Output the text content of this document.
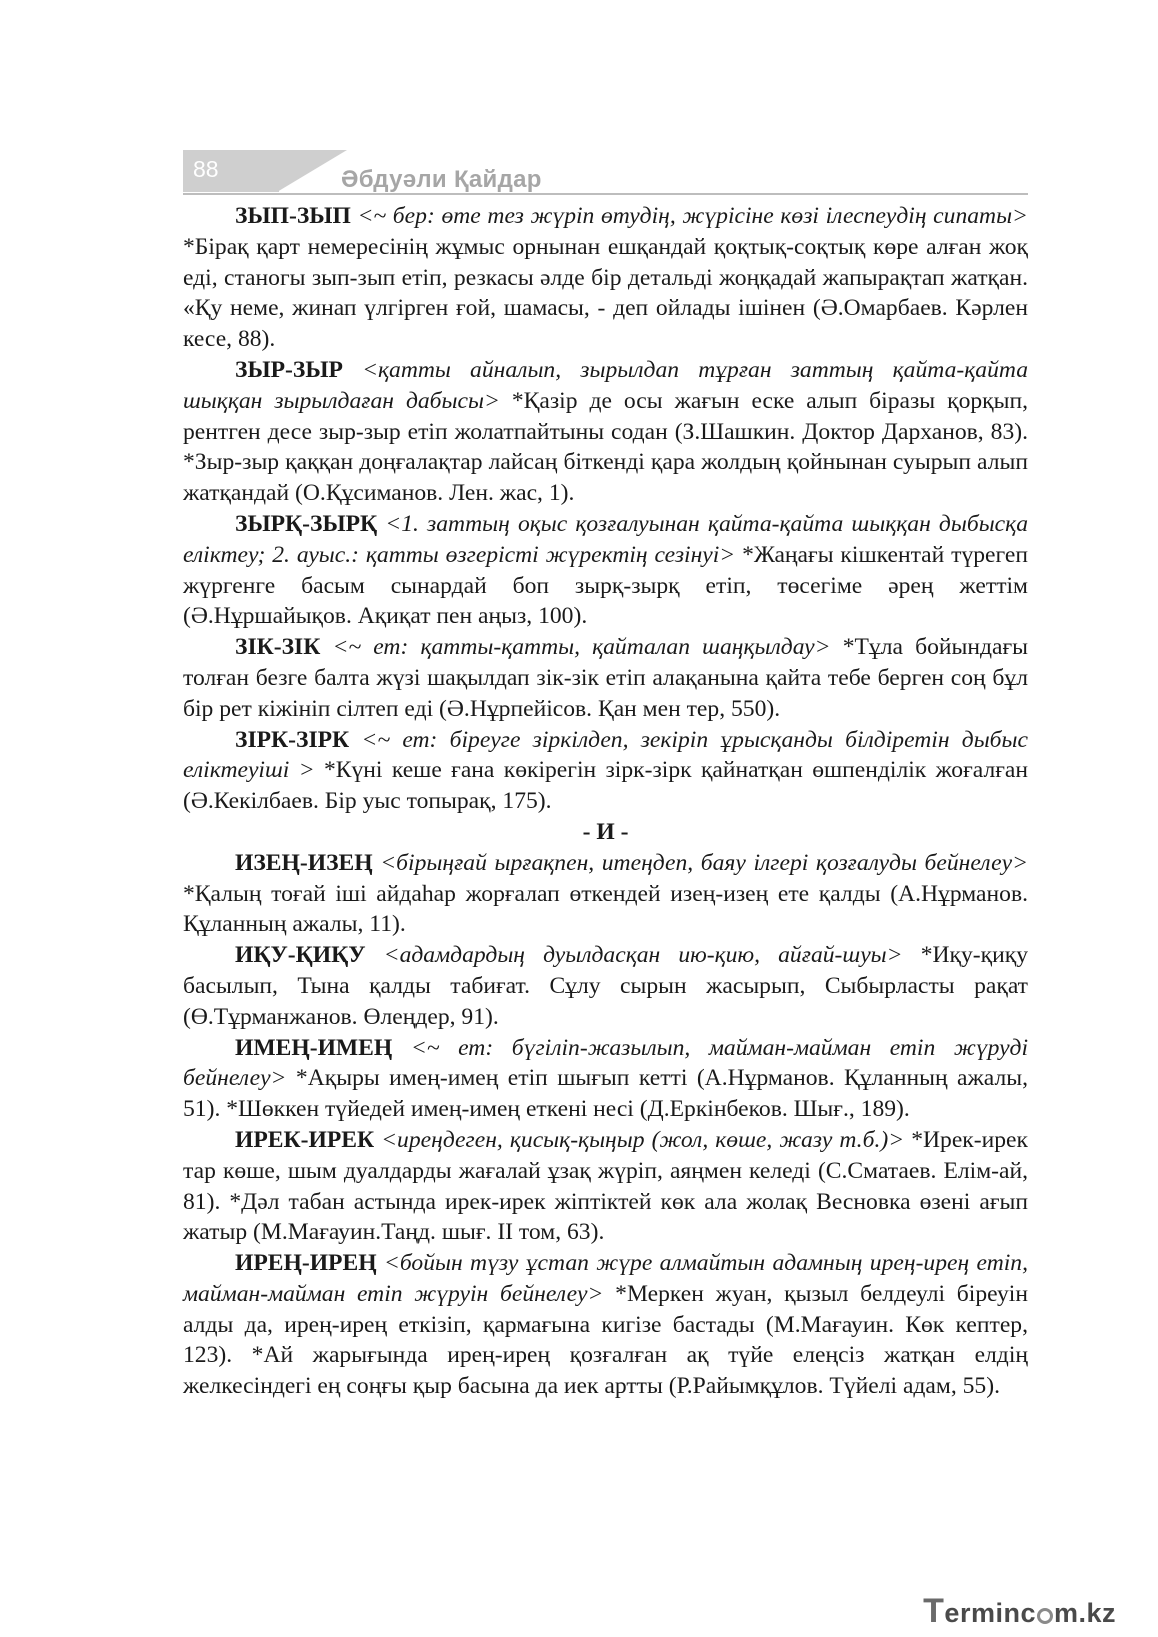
88	Әбдуәли Қайдар

ЗЫП-ЗЫП <~ бер: өте тез жүріп өтудің, жүрісіне көзі ілеспеудің сипаты> *Бірақ қарт немересінің жұмыс орнынан ешқандай қоқтық-соқтық көре алған жоқ еді, станогы зып-зып етіп, резкасы әлде бір детальді жоңқадай жапырақтап жатқан. «Қу неме, жинап үлгірген ғой, шамасы, - деп ойлады ішінен (Ә.Омарбаев. Кәрлен кесе, 88).

ЗЫР-ЗЫР <қатты айналып, зырылдап тұрған заттың қайта-қайта шыққан зырылдаған дабысы> *Қазір де осы жағын еске алып біразы қорқып, рентген десе зыр-зыр етіп жолатпайтыны содан (З.Шашкин. Доктор Дарханов, 83). *Зыр-зыр қаққан доңғалақтар лайсаң біткенді қара жолдың қойнынан суырып алып жатқандай (О.Құсиманов. Лен. жас, 1).

ЗЫРҚ-ЗЫРҚ <1. заттың оқыс қозғалуынан қайта-қайта шыққан дыбысқа еліктеу; 2. ауыс.: қатты өзгерісті жүректің сезінуі> *Жаңағы кішкентай түрегеп жүргенге басым сынардай боп зырқ-зырқ етіп, төсегіме әрең жеттім (Ә.Нұршайықов. Ақиқат пен аңыз, 100).

ЗІК-ЗІК <~ ет: қатты-қатты, қайталап шаңқылдау> *Тұла бойындағы толған безге балта жүзі шақылдап зік-зік етіп алақанына қайта тебе берген соң бұл бір рет кіжініп сілтеп еді (Ә.Нұрпейісов. Қан мен тер, 550).

ЗІРК-ЗІРК <~ ет: біреуге зіркілдеп, зекіріп ұрысқанды білдіретін дыбыс еліктеуіші > *Күні кеше ғана көкірегін зірк-зірк қайнатқан өшпенділік жоғалған (Ә.Кекілбаев. Бір уыс топырақ, 175).

- И -

ИЗЕҢ-ИЗЕҢ <бірыңғай ырғақпен, итеңдеп, баяу ілгері қозғалуды бейнелеу> *Қалың тоғай іші айдаһар жорғалап өткендей изең-изең ете қалды (А.Нұрманов. Құланның ажалы, 11).

ИҚУ-ҚИҚУ <адамдардың дуылдасқан ию-қию, айғай-шуы> *Иқу-қиқу басылып, Тына қалды табиғат. Сұлу сырын жасырып, Сыбырласты рақат (Ө.Тұрманжанов. Өлеңдер, 91).

ИМЕҢ-ИМЕҢ <~ ет: бүгіліп-жазылып, майман-майман етіп жүруді бейнелеу> *Ақыры имең-имең етіп шығып кетті (А.Нұрманов. Құланның ажалы, 51). *Шөккен түйедей имең-имең еткені несі (Д.Еркінбеков. Шығ., 189).

ИРЕК-ИРЕК <иреңдеген, қисық-қыңыр (жол, көше, жазу т.б.)> *Ирек-ирек тар көше, шым дуалдарды жағалай ұзақ жүріп, аяңмен келеді (С.Сматаев. Елім-ай, 81). *Дәл табан астында ирек-ирек жіптіктей көк ала жолақ Весновка өзені ағып жатыр (М.Мағауин.Таңд. шығ. ІІ том, 63).

ИРЕҢ-ИРЕҢ <бойын түзу ұстап жүре алмайтын адамның ирең-ирең етіп, майман-майман етіп жүруін бейнелеу> *Меркен жуан, қызыл белдеулі біреуін алды да, ирең-ирең еткізіп, қармағына кигізе бастады (М.Мағауин. Көк кептер, 123). *Ай жарығында ирең-ирең қозғалған ақ түйе елеңсіз жатқан елдің желкесіндегі ең соңғы қыр басына да иек артты (Р.Райымқұлов. Түйелі адам, 55).

Terminc m.kz
